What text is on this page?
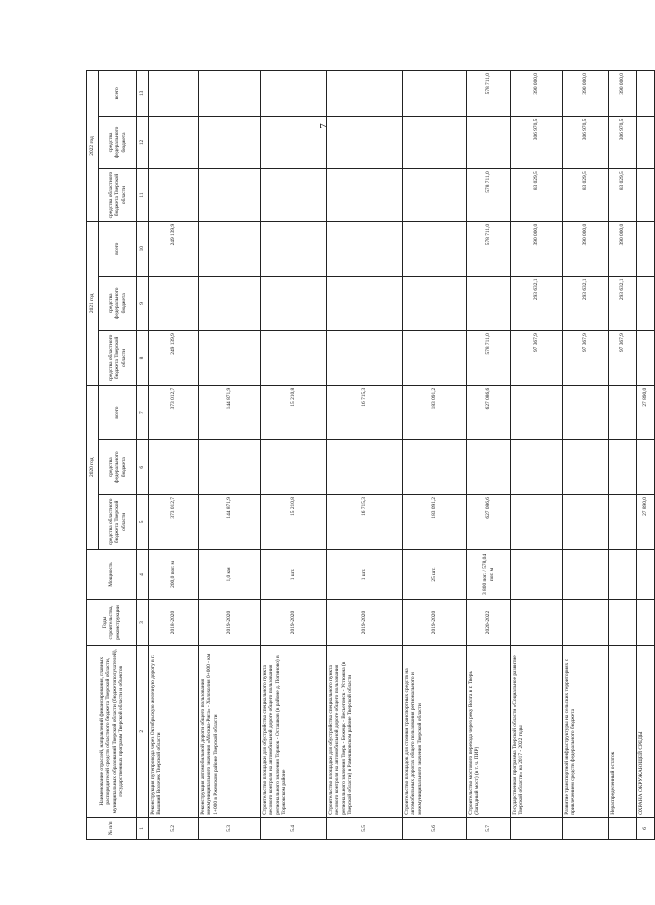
7
№ п/п	Наименование отраслей, направлений финансирования, главных распорядителей средств областного бюджета Тверской области, муниципальных образований Тверской области (бюджетополучателей), государственных программ Тверской области и объектов	Годы строительства, реконструкции	Мощность	2020 год			2021 год			2022 год		
				средства областного бюджета Тверской области	средства федерального бюджета	всего	средства областного бюджета Тверской области	средства федерального бюджета	всего	средства областного бюджета Тверской области	средства федерального бюджета	всего
1	2	3	4	5	6	7	8	9	10	11	12	13
5.2	Реконструкция путепровода через Октябрьскую железную дорогу в г. Вышний Волочек Тверской области	2018-2020	200,0 пог. м	373 012,7		373 012,7	249 139,9		249 139,9			
5.3	Реконструкция автомобильной дороги общего пользования межмуниципального значения «Москва-Рига» - Холохолня 0+000 - км 1+000 в Ржевском районе Тверской области	2019-2020	1,0 км	144 871,9		144 871,9						
5.4	Строительство площадки для обустройства специального пункта весового контроля на автомобильной дороге общего пользования регионального значения Торжок - Осташков (в районе д. Погиново) в Торжокском районе	2019-2020	1 шт.	15 210,8		15 210,8						
5.5	Строительство площадки для обустройства специального пункта весового контроля на автомобильной дороге общего пользования регионального значения Тверь - Бежецк - Весьегонск - Устюжна (в Тверской области) в Рамешковском районе Тверской области	2019-2020	1 шт.	16 715,3		16 715,3						
5.6	Строительство площадок для стоянки транспортных средств на автомобильных дорогах общего пользования регионального и межмуниципального значения Тверской области	2019-2020	25 шт.	183 091,2		183 091,2						
5.7	Строительство мостового перехода через реку Волга в г. Тверь (Западный мост) (в т. ч. ПИР)	2020-2022	3 800 пог. / 578,04 пог. м	627 086,6		627 086,6	578 711,0		578 711,0	578 711,0		578 711,0
	Государственная программа Тверской области «Социальное развитие Тверской области» на 2017 - 2022 годы						97 367,9	293 632,1	390 000,0	83 029,5	306 970,5	390 000,0
	Развитие транспортной инфраструктуры на сельских территориях с привлечением средств федерального бюджета						97 367,9	293 632,1	390 000,0	83 029,5	306 970,5	390 000,0
	Нераспределенный остаток						97 367,9	293 632,1	390 000,0	83 029,5	306 970,5	390 000,0
6	ОХРАНА ОКРУЖАЮЩЕЙ СРЕДЫ			27 890,0		27 890,0						
